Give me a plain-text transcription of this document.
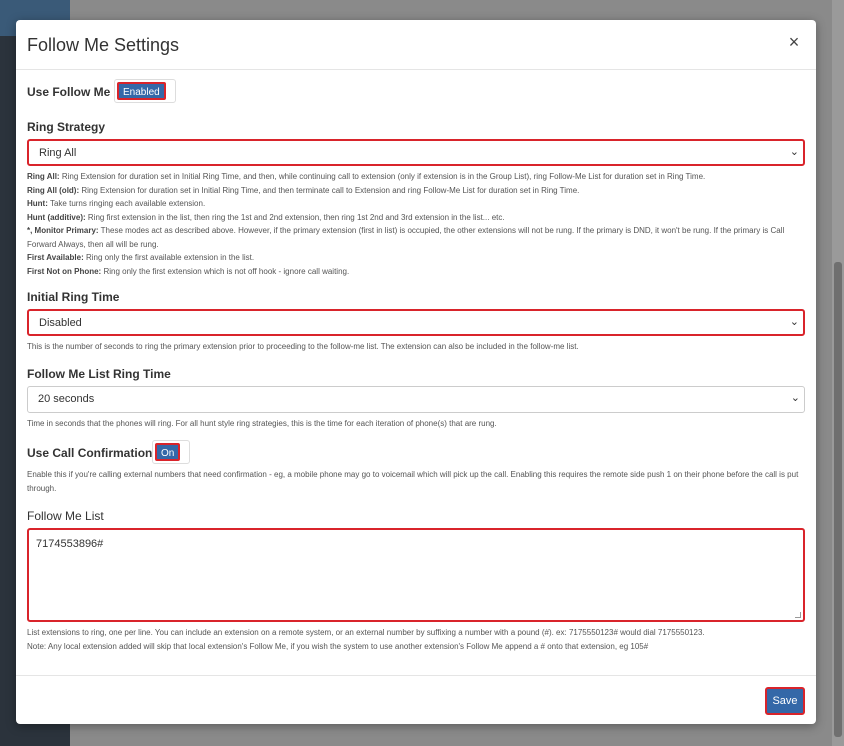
Follow Me Settings	×
Use Follow Me	Enabled
Ring Strategy
Ring All	⌄
Ring All: Ring Extension for duration set in Initial Ring Time, and then, while continuing call to extension (only if extension is in the Group List), ring Follow-Me List for duration set in Ring Time.
Ring All (old): Ring Extension for duration set in Initial Ring Time, and then terminate call to Extension and ring Follow-Me List for duration set in Ring Time.
Hunt: Take turns ringing each available extension.
Hunt (additive): Ring first extension in the list, then ring the 1st and 2nd extension, then ring 1st 2nd and 3rd extension in the list... etc.
*, Monitor Primary: These modes act as described above. However, if the primary extension (first in list) is occupied, the other extensions will not be rung. If the primary is DND, it won't be rung. If the primary is Call Forward Always, then all will be rung.
First Available: Ring only the first available extension in the list.
First Not on Phone: Ring only the first extension which is not off hook - ignore call waiting.
Initial Ring Time
Disabled	⌄
This is the number of seconds to ring the primary extension prior to proceeding to the follow-me list. The extension can also be included in the follow-me list.
Follow Me List Ring Time
20 seconds	⌄
Time in seconds that the phones will ring. For all hunt style ring strategies, this is the time for each iteration of phone(s) that are rung.
Use Call Confirmation On
Enable this if you're calling external numbers that need confirmation - eg, a mobile phone may go to voicemail which will pick up the call. Enabling this requires the remote side push 1 on their phone before the call is put through.
Follow Me List
7174553896#
List extensions to ring, one per line. You can include an extension on a remote system, or an external number by suffixing a number with a pound (#). ex: 7175550123# would dial 7175550123.
Note: Any local extension added will skip that local extension's Follow Me, if you wish the system to use another extension's Follow Me append a # onto that extension, eg 105#
Save
